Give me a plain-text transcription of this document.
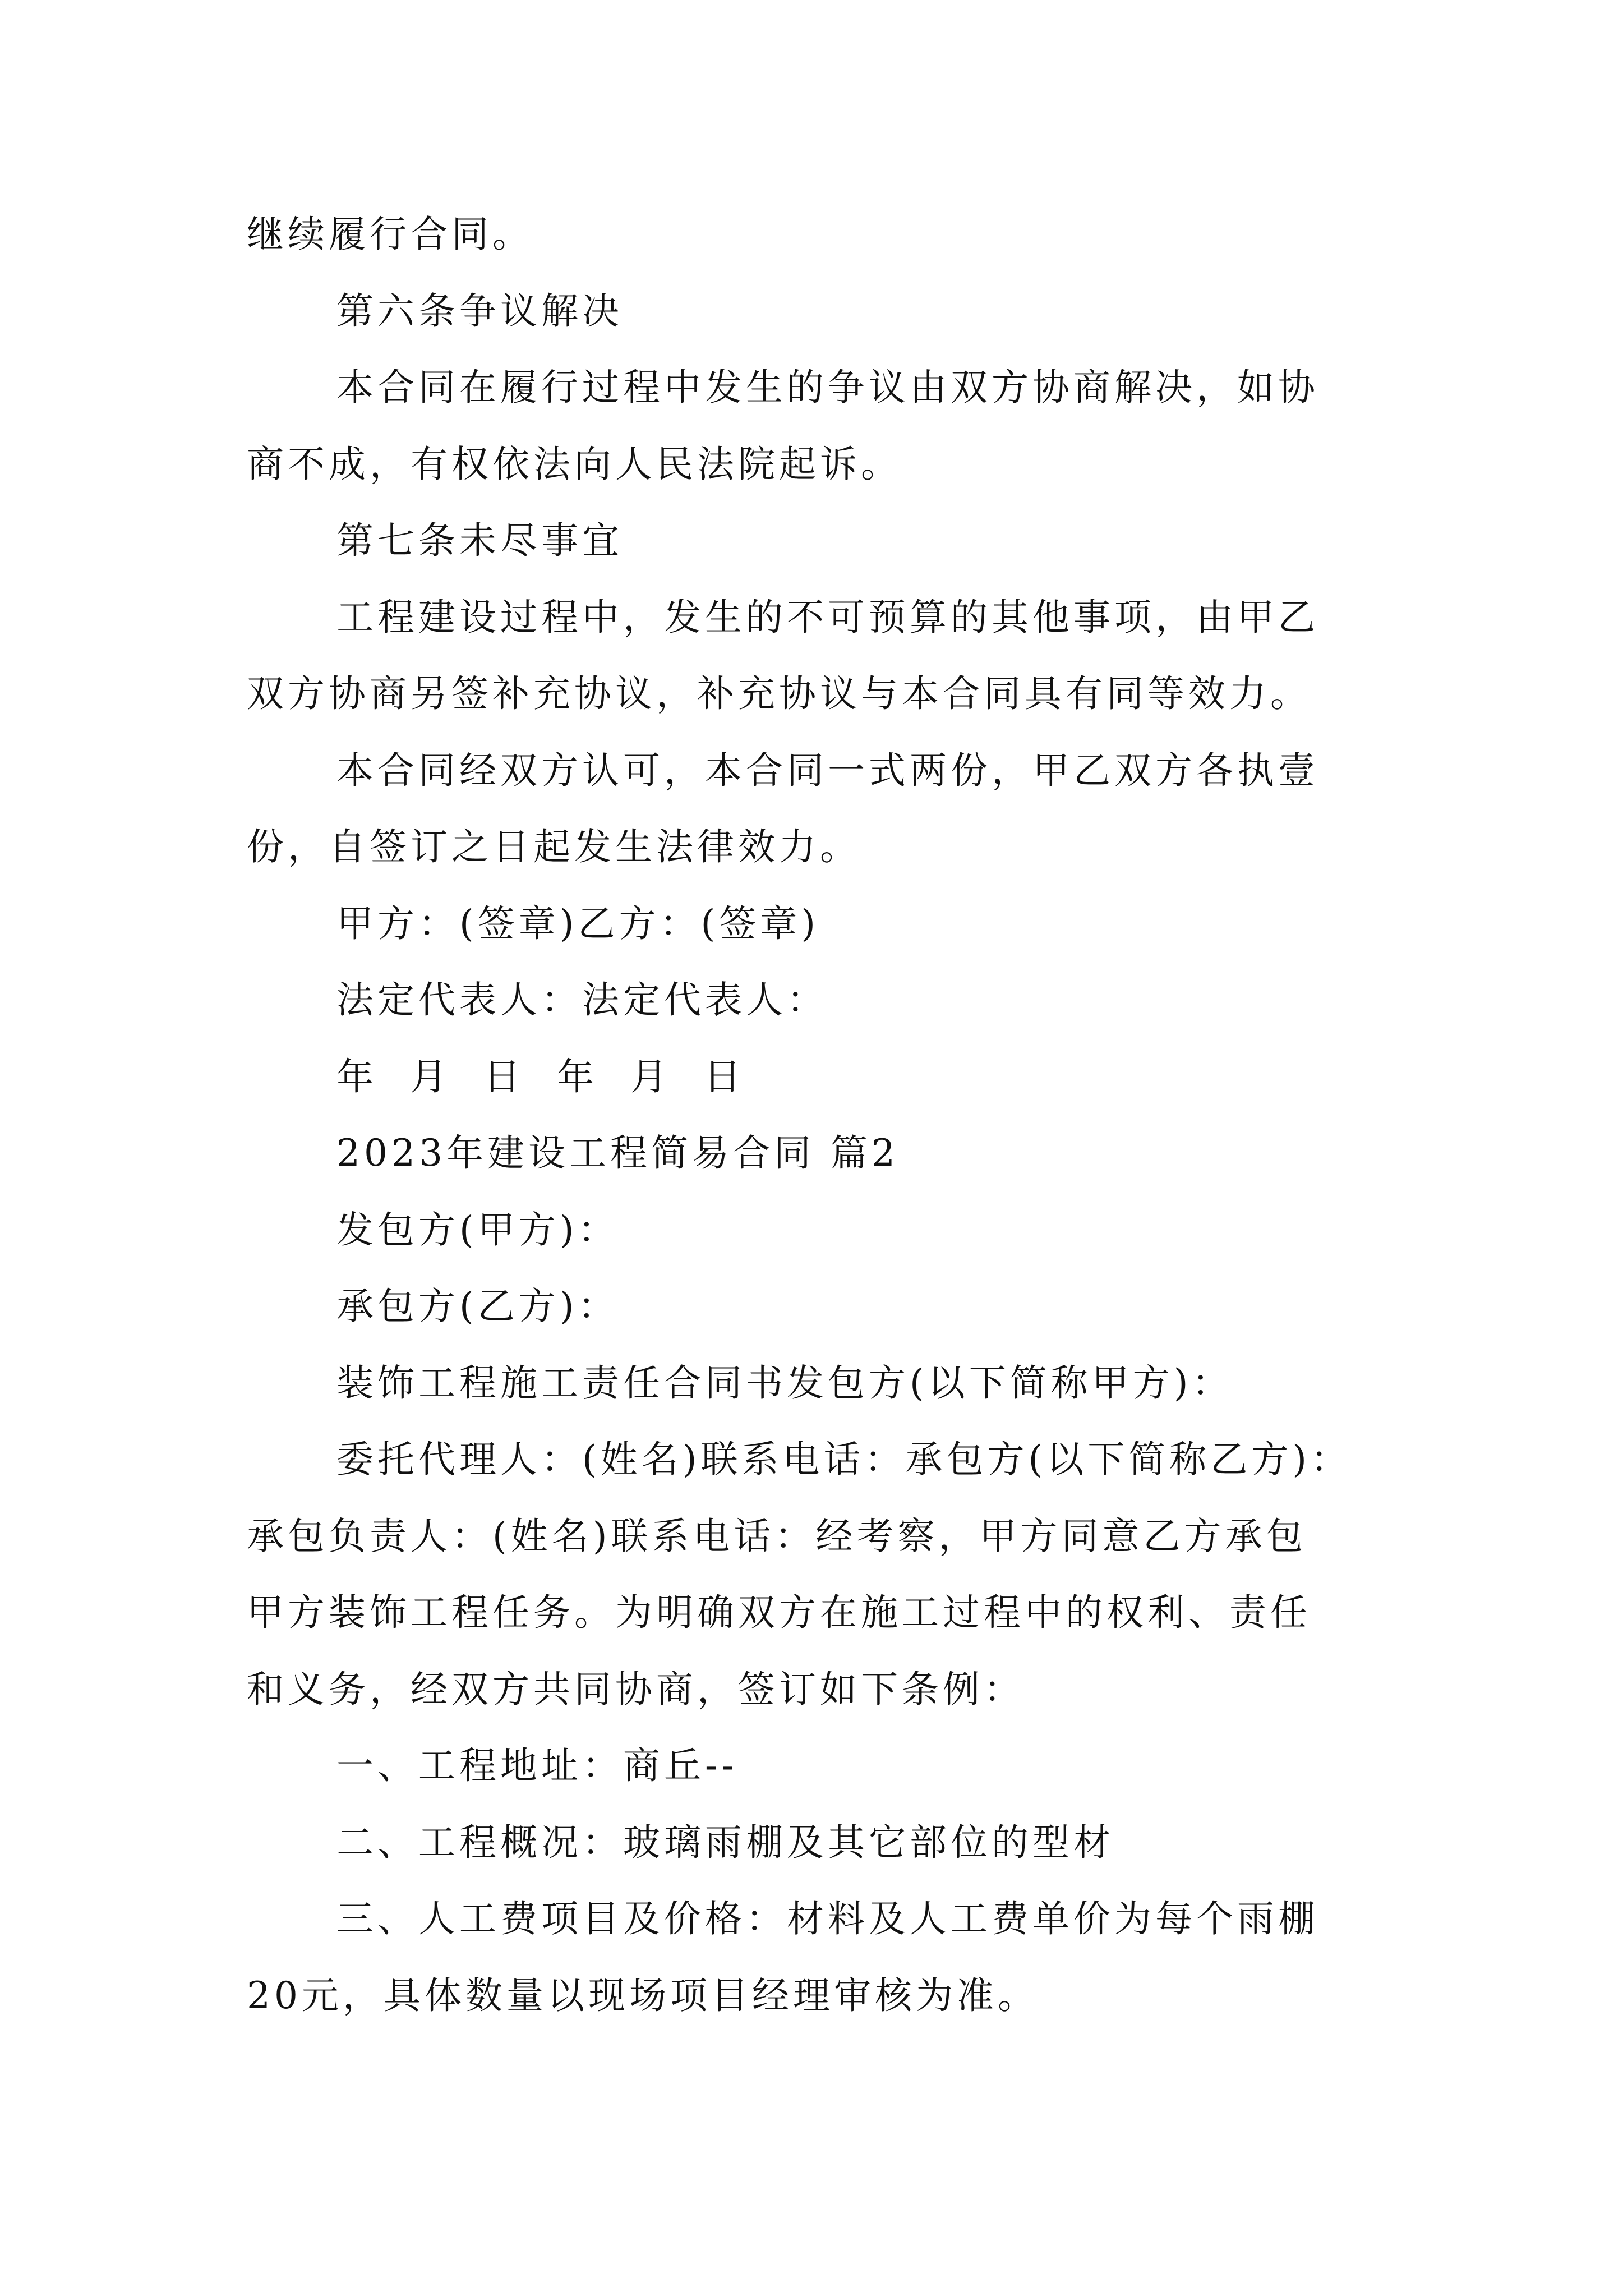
继续履行合同。
第六条争议解决
本合同在履行过程中发生的争议由双方协商解决，如协
商不成，有权依法向人民法院起诉。
第七条未尽事宜
工程建设过程中，发生的不可预算的其他事项，由甲乙
双方协商另签补充协议，补充协议与本合同具有同等效力。
本合同经双方认可，本合同一式两份，甲乙双方各执壹
份，自签订之日起发生法律效力。
甲方：(签章)乙方：(签章)
法定代表人：法定代表人：
年 月 日 年 月 日
2023年建设工程简易合同 篇2
发包方(甲方)：
承包方(乙方)：
装饰工程施工责任合同书发包方(以下简称甲方)：
委托代理人：(姓名)联系电话：承包方(以下简称乙方)：
承包负责人：(姓名)联系电话：经考察，甲方同意乙方承包
甲方装饰工程任务。为明确双方在施工过程中的权利、责任
和义务，经双方共同协商，签订如下条例：
一、工程地址：商丘--
二、工程概况：玻璃雨棚及其它部位的型材
三、人工费项目及价格：材料及人工费单价为每个雨棚
20元，具体数量以现场项目经理审核为准。
